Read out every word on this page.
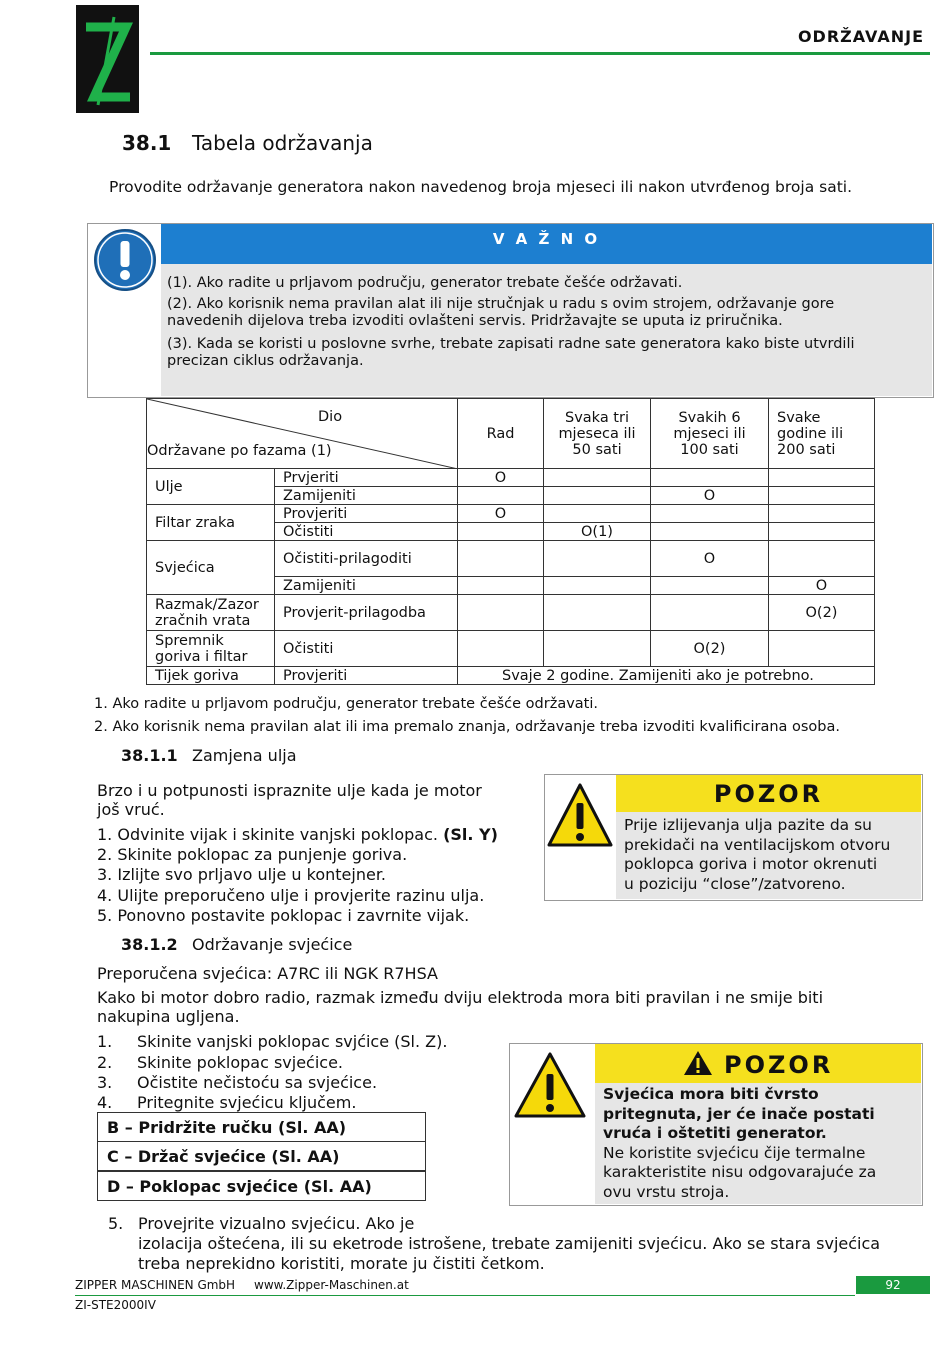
ODRŽAVANJE
38.1 Tabela održavanja
Provodite održavanje generatora nakon navedenog broja mjeseci ili nakon utvrđenog broja sati.
V A Ž N O
(1). Ako radite u prljavom području, generator trebate češće održavati.
(2). Ako korisnik nema pravilan alat ili nije stručnjak u radu s ovim strojem, održavanje gore
navedenih dijelova treba izvoditi ovlašteni servis. Pridržavajte se uputa iz priručnika.
(3). Kada se koristi u poslovne svrhe, trebate zapisati radne sate generatora kako biste utvrdili
precizan ciklus održavanja.
Dio
Održavane po fazama (1)		Rad	Svaka tri mjeseca ili 50 sati	Svakih 6 mjeseci ili 100 sati	Svake godine ili 200 sati
Ulje	Prvjeriti	O			
	Zamijeniti			O	
Filtar zraka	Provjeriti	O			
	Očistiti		O(1)		
Svjećica	Očistiti-prilagoditi			O	
	Zamijeniti				O
Razmak/Zazor zračnih vrata	Provjerit-prilagodba				O(2)
Spremnik goriva i filtar	Očistiti			O(2)	
Tijek goriva	Provjeriti	Svaje 2 godine. Zamijeniti ako je potrebno.			
1. Ako radite u prljavom području, generator trebate češće održavati.
2. Ako korisnik nema pravilan alat ili ima premalo znanja, održavanje treba izvoditi kvalificirana osoba.
38.1.1 Zamjena ulja
Brzo i u potpunosti ispraznite ulje kada je motor
još vruć.
1. Odvinite vijak i skinite vanjski poklopac. (Sl. Y)
2. Skinite poklopac za punjenje goriva.
3. Izlijte svo prljavo ulje u kontejner.
4. Ulijte preporučeno ulje i provjerite razinu ulja.
5. Ponovno postavite poklopac i zavrnite vijak.
POZOR
Prije izlijevanja ulja pazite da su
prekidači na ventilacijskom otvoru
poklopca goriva i motor okrenuti
u poziciju “close”/zatvoreno.
38.1.2 Održavanje svjećice
Preporučena svjećica: A7RC ili NGK R7HSA
Kako bi motor dobro radio, razmak između dviju elektroda mora biti pravilan i ne smije biti
nakupina ugljena.
1. Skinite vanjski poklopac svjćice (Sl. Z).
2. Skinite poklopac svjećice.
3. Očistite nečistoću sa svjećice.
4. Pritegnite svjećicu ključem.
B – Pridržite ručku (Sl. AA)
C – Držač svjećice (Sl. AA)
D – Poklopac svjećice (Sl. AA)
POZOR
Svjećica mora biti čvrsto
pritegnuta, jer će inače postati
vruća i oštetiti generator.
Ne koristite svjećicu čije termalne
karakteristite nisu odgovarajuće za
ovu vrstu stroja.
5. Provejrite vizualno svjećicu. Ako je
izolacija oštećena, ili su eketrode istrošene, trebate zamijeniti svjećicu. Ako se stara svjećica
treba neprekidno koristiti, morate ju čistiti četkom.
ZIPPER MASCHINEN GmbH www.Zipper-Maschinen.at	92
ZI-STE2000IV
